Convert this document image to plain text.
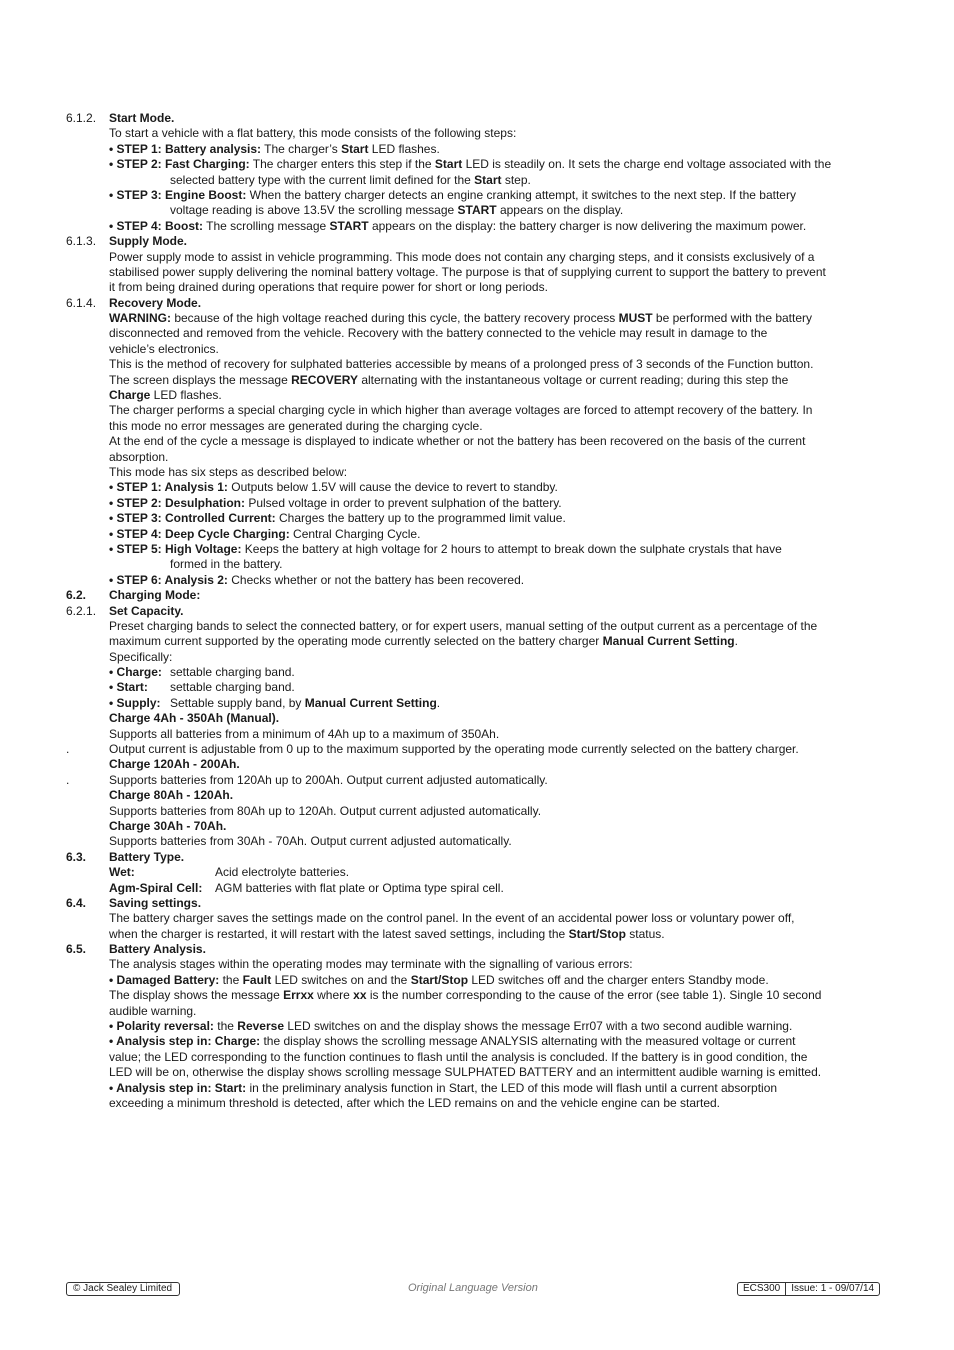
6.1.2. Start Mode.
To start a vehicle with a flat battery, this mode consists of the following steps:
• STEP 1: Battery analysis: The charger’s Start LED flashes.
• STEP 2: Fast Charging: The charger enters this step if the Start LED is steadily on. It sets the charge end voltage associated with the
selected battery type with the current limit defined for the Start step.
• STEP 3: Engine Boost: When the battery charger detects an engine cranking attempt, it switches to the next step. If the battery
voltage reading is above 13.5V the scrolling message START appears on the display.
• STEP 4: Boost: The scrolling message START appears on the display: the battery charger is now delivering the maximum power.
6.1.3. Supply Mode.
Power supply mode to assist in vehicle programming. This mode does not contain any charging steps, and it consists exclusively of a
stabilised power supply delivering the nominal battery voltage. The purpose is that of supplying current to support the battery to prevent
it from being drained during operations that require power for short or long periods.
6.1.4. Recovery Mode.
WARNING: because of the high voltage reached during this cycle, the battery recovery process MUST be performed with the battery
disconnected and removed from the vehicle. Recovery with the battery connected to the vehicle may result in damage to the
vehicle’s electronics.
This is the method of recovery for sulphated batteries accessible by means of a prolonged press of 3 seconds of the Function button.
The screen displays the message RECOVERY alternating with the instantaneous voltage or current reading; during this step the
Charge LED flashes.
The charger performs a special charging cycle in which higher than average voltages are forced to attempt recovery of the battery. In
this mode no error messages are generated during the charging cycle.
At the end of the cycle a message is displayed to indicate whether or not the battery has been recovered on the basis of the current
absorption.
This mode has six steps as described below:
• STEP 1: Analysis 1: Outputs below 1.5V will cause the device to revert to standby.
• STEP 2: Desulphation: Pulsed voltage in order to prevent sulphation of the battery.
• STEP 3: Controlled Current: Charges the battery up to the programmed limit value.
• STEP 4: Deep Cycle Charging: Central Charging Cycle.
• STEP 5: High Voltage: Keeps the battery at high voltage for 2 hours to attempt to break down the sulphate crystals that have
formed in the battery.
• STEP 6: Analysis 2: Checks whether or not the battery has been recovered.
6.2. Charging Mode:
6.2.1. Set Capacity.
Preset charging bands to select the connected battery, or for expert users, manual setting of the output current as a percentage of the
maximum current supported by the operating mode currently selected on the battery charger Manual Current Setting.
Specifically:
• Charge: settable charging band.
• Start: settable charging band.
• Supply: Settable supply band, by Manual Current Setting.
Charge 4Ah - 350Ah (Manual).
Supports all batteries from a minimum of 4Ah up to a maximum of 350Ah.
.	Output current is adjustable from 0 up to the maximum supported by the operating mode currently selected on the battery charger.
Charge 120Ah - 200Ah.
.	Supports batteries from 120Ah up to 200Ah. Output current adjusted automatically.
Charge 80Ah - 120Ah.
Supports batteries from 80Ah up to 120Ah. Output current adjusted automatically.
Charge 30Ah - 70Ah.
Supports batteries from 30Ah - 70Ah. Output current adjusted automatically.
6.3. Battery Type.
Wet:	Acid electrolyte batteries.
Agm-Spiral Cell: AGM batteries with flat plate or Optima type spiral cell.
6.4. Saving settings.
The battery charger saves the settings made on the control panel. In the event of an accidental power loss or voluntary power off,
when the charger is restarted, it will restart with the latest saved settings, including the Start/Stop status.
6.5. Battery Analysis.
The analysis stages within the operating modes may terminate with the signalling of various errors:
• Damaged Battery: the Fault LED switches on and the Start/Stop LED switches off and the charger enters Standby mode.
The display shows the message Errxx where xx is the number corresponding to the cause of the error (see table 1). Single 10 second
audible warning.
• Polarity reversal: the Reverse LED switches on and the display shows the message Err07 with a two second audible warning.
• Analysis step in: Charge: the display shows the scrolling message ANALYSIS alternating with the measured voltage or current
value; the LED corresponding to the function continues to flash until the analysis is concluded. If the battery is in good condition, the
LED will be on, otherwise the display shows scrolling message SULPHATED BATTERY and an intermittent audible warning is emitted.
• Analysis step in: Start: in the preliminary analysis function in Start, the LED of this mode will flash until a current absorption
exceeding a minimum threshold is detected, after which the LED remains on and the vehicle engine can be started.
© Jack Sealey Limited	Original Language Version	ECS300	Issue: 1 - 09/07/14
